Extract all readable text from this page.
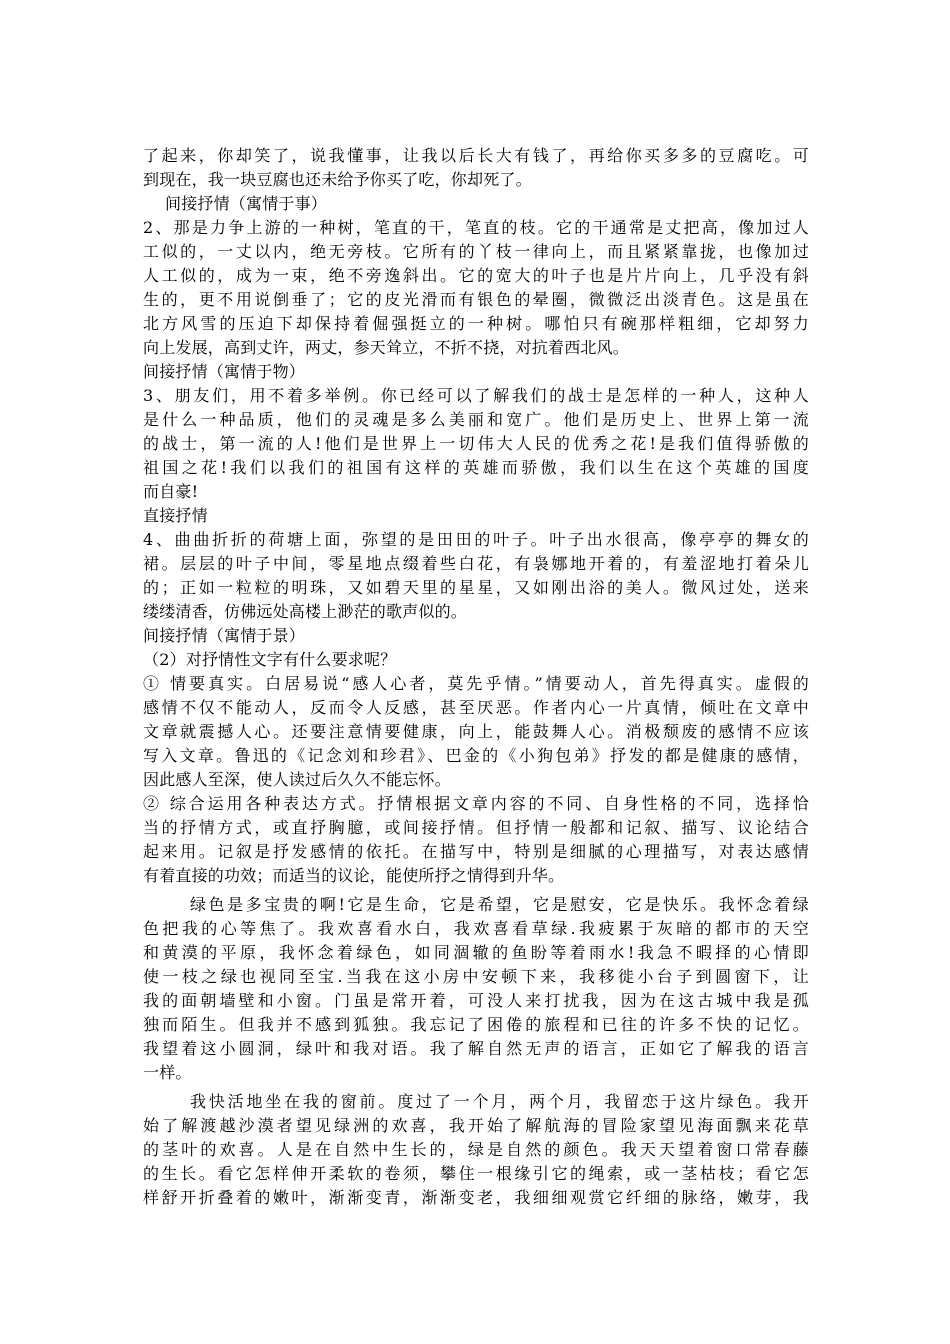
了起来，你却笑了，说我懂事，让我以后长大有钱了，再给你买多多的豆腐吃。可
到现在，我一块豆腐也还未给予你买了吃，你却死了。
间接抒情（寓情于事）
2、那是力争上游的一种树，笔直的干，笔直的枝。它的干通常是丈把高，像加过人
工似的，一丈以内，绝无旁枝。它所有的丫枝一律向上，而且紧紧靠拢，也像加过
人工似的，成为一束，绝不旁逸斜出。它的宽大的叶子也是片片向上，几乎没有斜
生的，更不用说倒垂了；它的皮光滑而有银色的晕圈，微微泛出淡青色。这是虽在
北方风雪的压迫下却保持着倔强挺立的一种树。哪怕只有碗那样粗细，它却努力
向上发展，高到丈许，两丈，参天耸立，不折不挠，对抗着西北风。
间接抒情（寓情于物）
3、朋友们，用不着多举例。你已经可以了解我们的战士是怎样的一种人，这种人
是什么一种品质，他们的灵魂是多么美丽和宽广。他们是历史上、世界上第一流
的战士，第一流的人!他们是世界上一切伟大人民的优秀之花!是我们值得骄傲的
祖国之花!我们以我们的祖国有这样的英雄而骄傲，我们以生在这个英雄的国度
而自豪!
直接抒情
4、曲曲折折的荷塘上面，弥望的是田田的叶子。叶子出水很高，像亭亭的舞女的
裙。层层的叶子中间，零星地点缀着些白花，有袅娜地开着的，有羞涩地打着朵儿
的；正如一粒粒的明珠，又如碧天里的星星，又如刚出浴的美人。微风过处，送来
缕缕清香，仿佛远处高楼上渺茫的歌声似的。
间接抒情（寓情于景）
（2）对抒情性文字有什么要求呢？
① 情要真实。白居易说“感人心者，莫先乎情。”情要动人，首先得真实。虚假的
感情不仅不能动人，反而令人反感，甚至厌恶。作者内心一片真情，倾吐在文章中
文章就震撼人心。还要注意情要健康，向上，能鼓舞人心。消极颓废的感情不应该
写入文章。鲁迅的《记念刘和珍君》、巴金的《小狗包弟》抒发的都是健康的感情，
因此感人至深，使人读过后久久不能忘怀。
② 综合运用各种表达方式。抒情根据文章内容的不同、自身性格的不同，选择恰
当的抒情方式，或直抒胸臆，或间接抒情。但抒情一般都和记叙、描写、议论结合
起来用。记叙是抒发感情的依托。在描写中，特别是细腻的心理描写，对表达感情
有着直接的功效；而适当的议论，能使所抒之情得到升华。
绿色是多宝贵的啊!它是生命，它是希望，它是慰安，它是快乐。我怀念着绿
色把我的心等焦了。我欢喜看水白，我欢喜看草绿.我疲累于灰暗的都市的天空
和黄漠的平原，我怀念着绿色，如同涸辙的鱼盼等着雨水!我急不暇择的心情即
使一枝之绿也视同至宝.当我在这小房中安顿下来，我移徙小台子到圆窗下，让
我的面朝墙壁和小窗。门虽是常开着，可没人来打扰我，因为在这古城中我是孤
独而陌生。但我并不感到狐独。我忘记了困倦的旅程和已往的许多不快的记忆。
我望着这小圆洞，绿叶和我对语。我了解自然无声的语言，正如它了解我的语言
一样。
我快活地坐在我的窗前。度过了一个月，两个月，我留恋于这片绿色。我开
始了解渡越沙漠者望见绿洲的欢喜，我开始了解航海的冒险家望见海面飘来花草
的茎叶的欢喜。人是在自然中生长的，绿是自然的颜色。我天天望着窗口常春藤
的生长。看它怎样伸开柔软的卷须，攀住一根缘引它的绳索，或一茎枯枝；看它怎
样舒开折叠着的嫩叶，渐渐变青，渐渐变老，我细细观赏它纤细的脉络，嫩芽，我
